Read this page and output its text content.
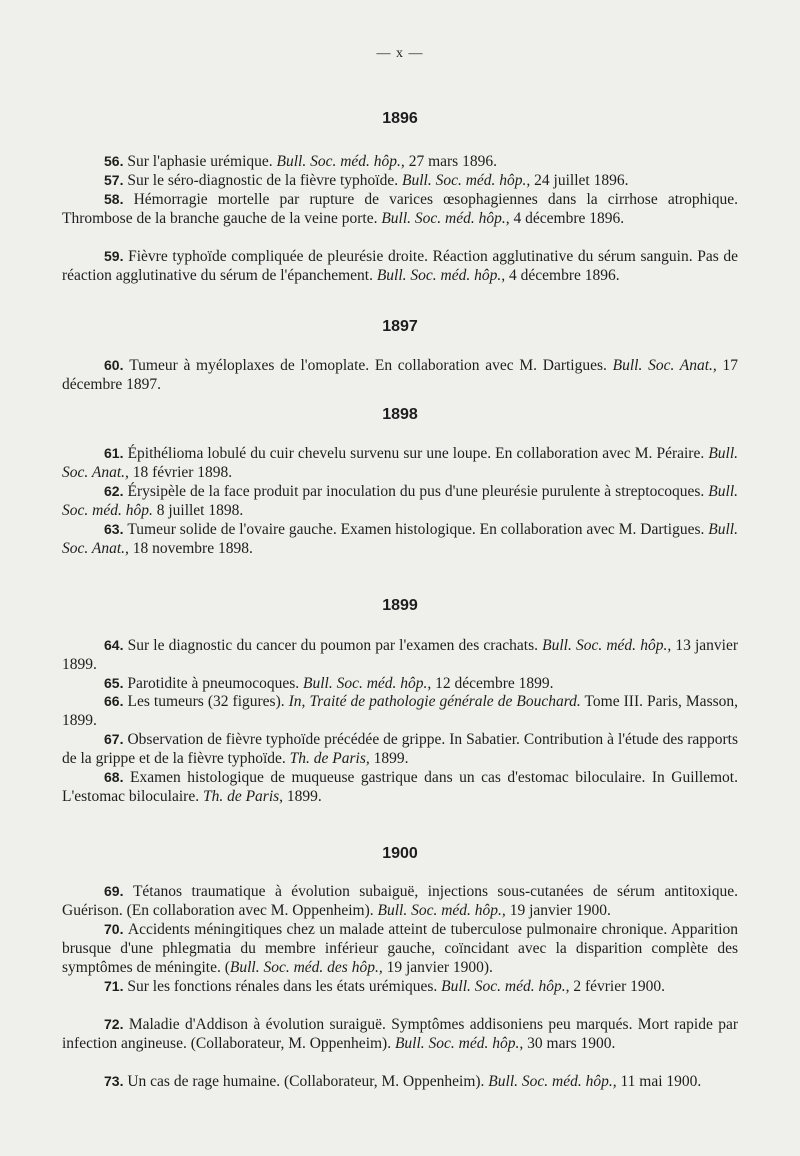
— x —
1896
56 . Sur l'aphasie urémique. Bull. Soc. méd. hôp., 27 mars 1896.
57 . Sur le séro-diagnostic de la fièvre typhoïde. Bull. Soc. méd. hôp., 24 juillet 1896.
58 . Hémorragie mortelle par rupture de varices œsophagiennes dans la cirrhose atrophique. Thrombose de la branche gauche de la veine porte. Bull. Soc. méd. hôp., 4 décembre 1896.
59 . Fièvre typhoïde compliquée de pleurésie droite. Réaction agglutinative du sérum sanguin. Pas de réaction agglutinative du sérum de l'épanchement. Bull. Soc. méd. hôp., 4 décembre 1896.
1897
60 . Tumeur à myéloplaxes de l'omoplate. En collaboration avec M. Dartigues. Bull. Soc. Anat., 17 décembre 1897.
1898
61 . Épithélioma lobulé du cuir chevelu survenu sur une loupe. En collaboration avec M. Péraire. Bull. Soc. Anat., 18 février 1898.
62 . Érysipèle de la face produit par inoculation du pus d'une pleurésie purulente à streptocoques. Bull. Soc. méd. hôp. 8 juillet 1898.
63 . Tumeur solide de l'ovaire gauche. Examen histologique. En collaboration avec M. Dartigues. Bull. Soc. Anat., 18 novembre 1898.
1899
64 . Sur le diagnostic du cancer du poumon par l'examen des crachats. Bull. Soc. méd. hôp., 13 janvier 1899.
65 . Parotidite à pneumocoques. Bull. Soc. méd. hôp., 12 décembre 1899.
66 . Les tumeurs (32 figures). In, Traité de pathologie générale de Bouchard. Tome III. Paris, Masson, 1899.
67 . Observation de fièvre typhoïde précédée de grippe. In Sabatier. Contribution à l'étude des rapports de la grippe et de la fièvre typhoïde. Th. de Paris, 1899.
68 . Examen histologique de muqueuse gastrique dans un cas d'estomac biloculaire. In Guillemot. L'estomac biloculaire. Th. de Paris, 1899.
1900
69 . Tétanos traumatique à évolution subaiguë, injections sous-cutanées de sérum antitoxique. Guérison. (En collaboration avec M. Oppenheim). Bull. Soc. méd. hôp., 19 janvier 1900.
70 . Accidents méningitiques chez un malade atteint de tuberculose pulmonaire chronique. Apparition brusque d'une phlegmatia du membre inférieur gauche, coïncidant avec la disparition complète des symptômes de méningite. (Bull. Soc. méd. des hôp., 19 janvier 1900).
71 . Sur les fonctions rénales dans les états urémiques. Bull. Soc. méd. hôp., 2 février 1900.
72 . Maladie d'Addison à évolution suraiguë. Symptômes addisoniens peu marqués. Mort rapide par infection angineuse. (Collaborateur, M. Oppenheim). Bull. Soc. méd. hôp., 30 mars 1900.
73 . Un cas de rage humaine. (Collaborateur, M. Oppenheim). Bull. Soc. méd. hôp., 11 mai 1900.
